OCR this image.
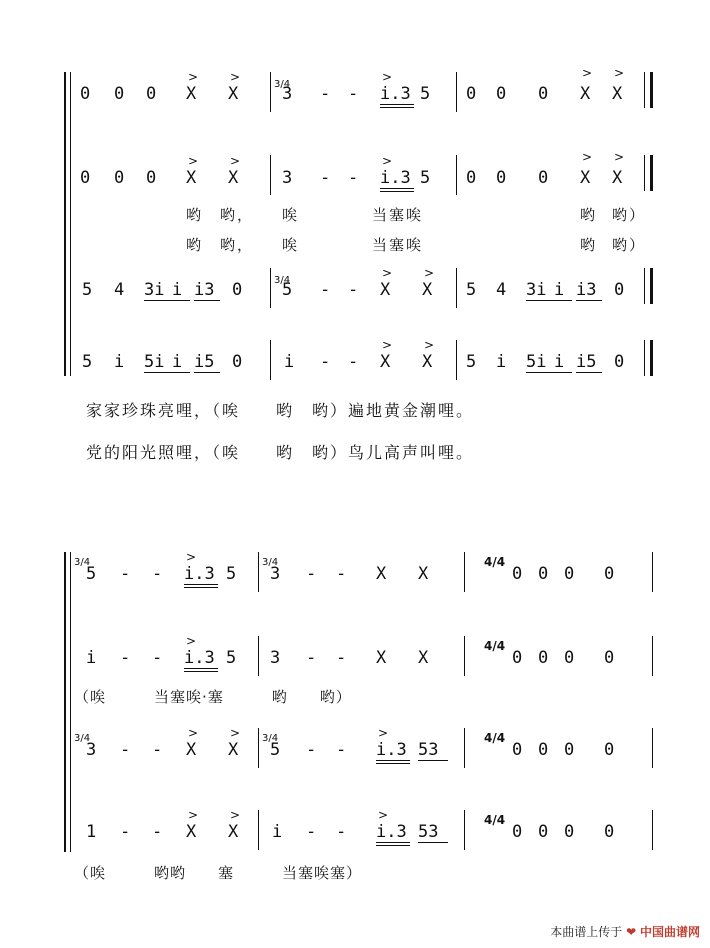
0 0 0 X X	3 - - i.3 5 0 0 0 X X
>	>	>	> >
3/4
0 0 0 X X	3 - - i.3 5 0 0 0 X X
>	>	>	> >
哟 哟， 唉	当塞唉	哟 哟）
哟 哟， 唉	当塞唉	哟 哟）
5 4 3i i i3 0 5 - - X X 5 4 3i i i3 0
>	>
3/4
5 i 5i i i5 0 i - - X X 5 i 5i i i5 0
>	>
家家珍珠亮哩，（唉　　哟　哟）遍地黄金潮哩。
党的阳光照哩，（唉　　哟　哟）鸟儿高声叫哩。
5 - - i.3 5 3 - - X X	0 0 0 0
>
3/4	3/4	4/4
i - - i.3 5 3 - - X X	0 0 0 0
>	4/4
（唉　　　当塞唉·塞　　　哟　　哟）
3 - - X X 5 - - i.3 53	0 0 0 0
>	>	>
3/4	3/4	4/4
1 - - X X i - - i.3 53	0 0 0 0
>	>	>	4/4
（唉　　　哟哟　　塞　　　当塞唉塞）
本曲谱上传于 ❤ 中国曲谱网
